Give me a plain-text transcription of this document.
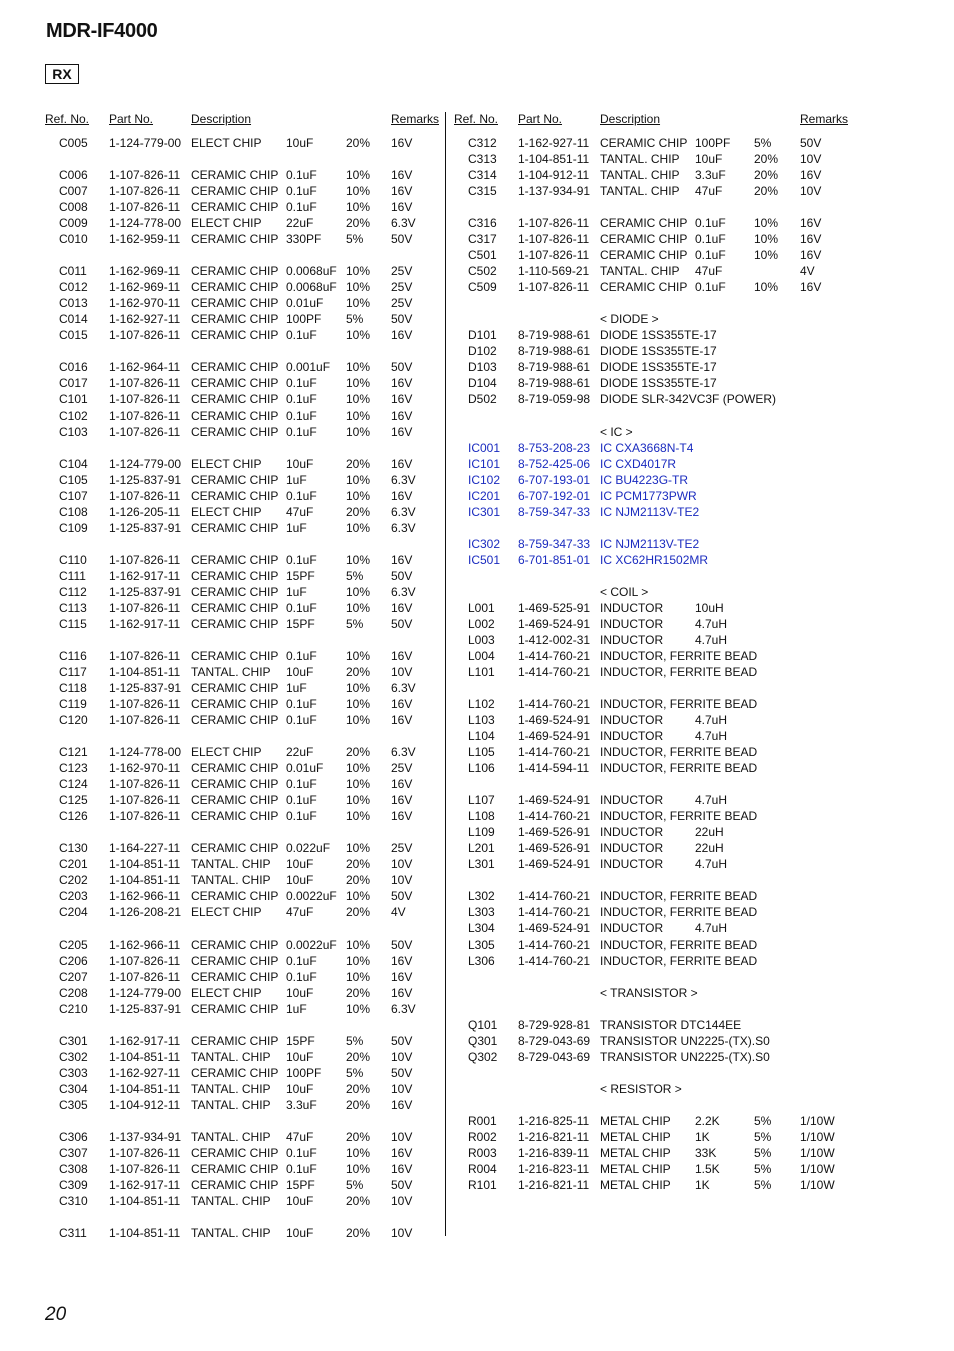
MDR-IF4000
RX
Ref. No. Part No.	Description	Remarks Ref. No. Part No.	Description	Remarks
C005 1-124-779-00 ELECT CHIP 10uF	20% 16V
C006 1-107-826-11 CERAMIC CHIP 0.1uF 10% 16V
C007 1-107-826-11 CERAMIC CHIP 0.1uF 10% 16V
C008 1-107-826-11 CERAMIC CHIP 0.1uF 10% 16V
C009 1-124-778-00 ELECT CHIP 22uF	20% 6.3V
C010 1-162-959-11 CERAMIC CHIP 330PF 5% 50V
C011 1-162-969-11 CERAMIC CHIP 0.0068uF 10% 25V
C012 1-162-969-11 CERAMIC CHIP 0.0068uF 10% 25V
C013 1-162-970-11 CERAMIC CHIP 0.01uF 10% 25V
C014 1-162-927-11 CERAMIC CHIP 100PF 5% 50V
C015 1-107-826-11 CERAMIC CHIP 0.1uF 10% 16V
C016 1-162-964-11 CERAMIC CHIP 0.001uF 10% 50V
C017 1-107-826-11 CERAMIC CHIP 0.1uF 10% 16V
C101 1-107-826-11 CERAMIC CHIP 0.1uF 10% 16V
C102 1-107-826-11 CERAMIC CHIP 0.1uF 10% 16V
C103 1-107-826-11 CERAMIC CHIP 0.1uF 10% 16V
C104 1-124-779-00 ELECT CHIP 10uF	20% 16V
C105 1-125-837-91 CERAMIC CHIP 1uF	10% 6.3V
C107 1-107-826-11 CERAMIC CHIP 0.1uF 10% 16V
C108 1-126-205-11 ELECT CHIP 47uF	20% 6.3V
C109 1-125-837-91 CERAMIC CHIP 1uF	10% 6.3V
C110 1-107-826-11 CERAMIC CHIP 0.1uF 10% 16V
C111 1-162-917-11 CERAMIC CHIP 15PF	5% 50V
C112 1-125-837-91 CERAMIC CHIP 1uF	10% 6.3V
C113 1-107-826-11 CERAMIC CHIP 0.1uF 10% 16V
C115 1-162-917-11 CERAMIC CHIP 15PF	5% 50V
C116 1-107-826-11 CERAMIC CHIP 0.1uF 10% 16V
C117 1-104-851-11 TANTAL. CHIP 10uF	20% 10V
C118 1-125-837-91 CERAMIC CHIP 1uF	10% 6.3V
C119 1-107-826-11 CERAMIC CHIP 0.1uF 10% 16V
C120 1-107-826-11 CERAMIC CHIP 0.1uF 10% 16V
C121 1-124-778-00 ELECT CHIP 22uF	20% 6.3V
C123 1-162-970-11 CERAMIC CHIP 0.01uF 10% 25V
C124 1-107-826-11 CERAMIC CHIP 0.1uF 10% 16V
C125 1-107-826-11 CERAMIC CHIP 0.1uF 10% 16V
C126 1-107-826-11 CERAMIC CHIP 0.1uF 10% 16V
C130 1-164-227-11 CERAMIC CHIP 0.022uF 10% 25V
C201 1-104-851-11 TANTAL. CHIP 10uF	20% 10V
C202 1-104-851-11 TANTAL. CHIP 10uF	20% 10V
C203 1-162-966-11 CERAMIC CHIP 0.0022uF 10% 50V
C204 1-126-208-21 ELECT CHIP 47uF	20% 4V
C205 1-162-966-11 CERAMIC CHIP 0.0022uF 10% 50V
C206 1-107-826-11 CERAMIC CHIP 0.1uF 10% 16V
C207 1-107-826-11 CERAMIC CHIP 0.1uF 10% 16V
C208 1-124-779-00 ELECT CHIP 10uF	20% 16V
C210 1-125-837-91 CERAMIC CHIP 1uF	10% 6.3V
C301 1-162-917-11 CERAMIC CHIP 15PF	5% 50V
C302 1-104-851-11 TANTAL. CHIP 10uF	20% 10V
C303 1-162-927-11 CERAMIC CHIP 100PF 5% 50V
C304 1-104-851-11 TANTAL. CHIP 10uF	20% 10V
C305 1-104-912-11 TANTAL. CHIP 3.3uF 20% 16V
C306 1-137-934-91 TANTAL. CHIP 47uF	20% 10V
C307 1-107-826-11 CERAMIC CHIP 0.1uF 10% 16V
C308 1-107-826-11 CERAMIC CHIP 0.1uF 10% 16V
C309 1-162-917-11 CERAMIC CHIP 15PF	5% 50V
C310 1-104-851-11 TANTAL. CHIP 10uF	20% 10V
C311 1-104-851-11 TANTAL. CHIP 10uF	20% 10V
C312 1-162-927-11 CERAMIC CHIP 100PF 5% 50V
C313 1-104-851-11 TANTAL. CHIP 10uF	20% 10V
C314 1-104-912-11 TANTAL. CHIP 3.3uF 20% 16V
C315 1-137-934-91 TANTAL. CHIP 47uF	20% 10V
C316 1-107-826-11 CERAMIC CHIP 0.1uF 10% 16V
C317 1-107-826-11 CERAMIC CHIP 0.1uF 10% 16V
C501 1-107-826-11 CERAMIC CHIP 0.1uF 10% 16V
C502 1-110-569-21 TANTAL. CHIP 47uF	4V
C509 1-107-826-11 CERAMIC CHIP 0.1uF 10% 16V
D101 8-719-988-61 DIODE 1SS355TE-17
D102 8-719-988-61 DIODE 1SS355TE-17
D103 8-719-988-61 DIODE 1SS355TE-17
D104 8-719-988-61 DIODE 1SS355TE-17
D502 8-719-059-98 DIODE SLR-342VC3F (POWER)
IC001 8-753-208-23 IC CXA3668N-T4
IC101 8-752-425-06 IC CXD4017R
IC102 6-707-193-01 IC BU4223G-TR
IC201 6-707-192-01 IC PCM1773PWR
IC301 8-759-347-33 IC NJM2113V-TE2
IC302 8-759-347-33 IC NJM2113V-TE2
IC501 6-701-851-01 IC XC62HR1502MR
L001 1-469-525-91 INDUCTOR	10uH
L002 1-469-524-91 INDUCTOR	4.7uH
L003 1-412-002-31 INDUCTOR	4.7uH
L004 1-414-760-21 INDUCTOR, FERRITE BEAD
L101 1-414-760-21 INDUCTOR, FERRITE BEAD
L102 1-414-760-21 INDUCTOR, FERRITE BEAD
L103 1-469-524-91 INDUCTOR	4.7uH
L104 1-469-524-91 INDUCTOR	4.7uH
L105 1-414-760-21 INDUCTOR, FERRITE BEAD
L106 1-414-594-11 INDUCTOR, FERRITE BEAD
L107 1-469-524-91 INDUCTOR	4.7uH
L108 1-414-760-21 INDUCTOR, FERRITE BEAD
L109 1-469-526-91 INDUCTOR	22uH
L201 1-469-526-91 INDUCTOR	22uH
L301 1-469-524-91 INDUCTOR	4.7uH
L302 1-414-760-21 INDUCTOR, FERRITE BEAD
L303 1-414-760-21 INDUCTOR, FERRITE BEAD
L304 1-469-524-91 INDUCTOR	4.7uH
L305 1-414-760-21 INDUCTOR, FERRITE BEAD
L306 1-414-760-21 INDUCTOR, FERRITE BEAD
Q101 8-729-928-81 TRANSISTOR DTC144EE
Q301 8-729-043-69 TRANSISTOR UN2225-(TX).S0
Q302 8-729-043-69 TRANSISTOR UN2225-(TX).S0
R001 1-216-825-11 METAL CHIP 2.2K	5% 1/10W
R002 1-216-821-11 METAL CHIP 1K	5% 1/10W
R003 1-216-839-11 METAL CHIP 33K	5% 1/10W
R004 1-216-823-11 METAL CHIP 1.5K	5% 1/10W
R101 1-216-821-11 METAL CHIP 1K	5% 1/10W
20
< DIODE >
< IC >
< COIL >
< TRANSISTOR >
< RESISTOR >
